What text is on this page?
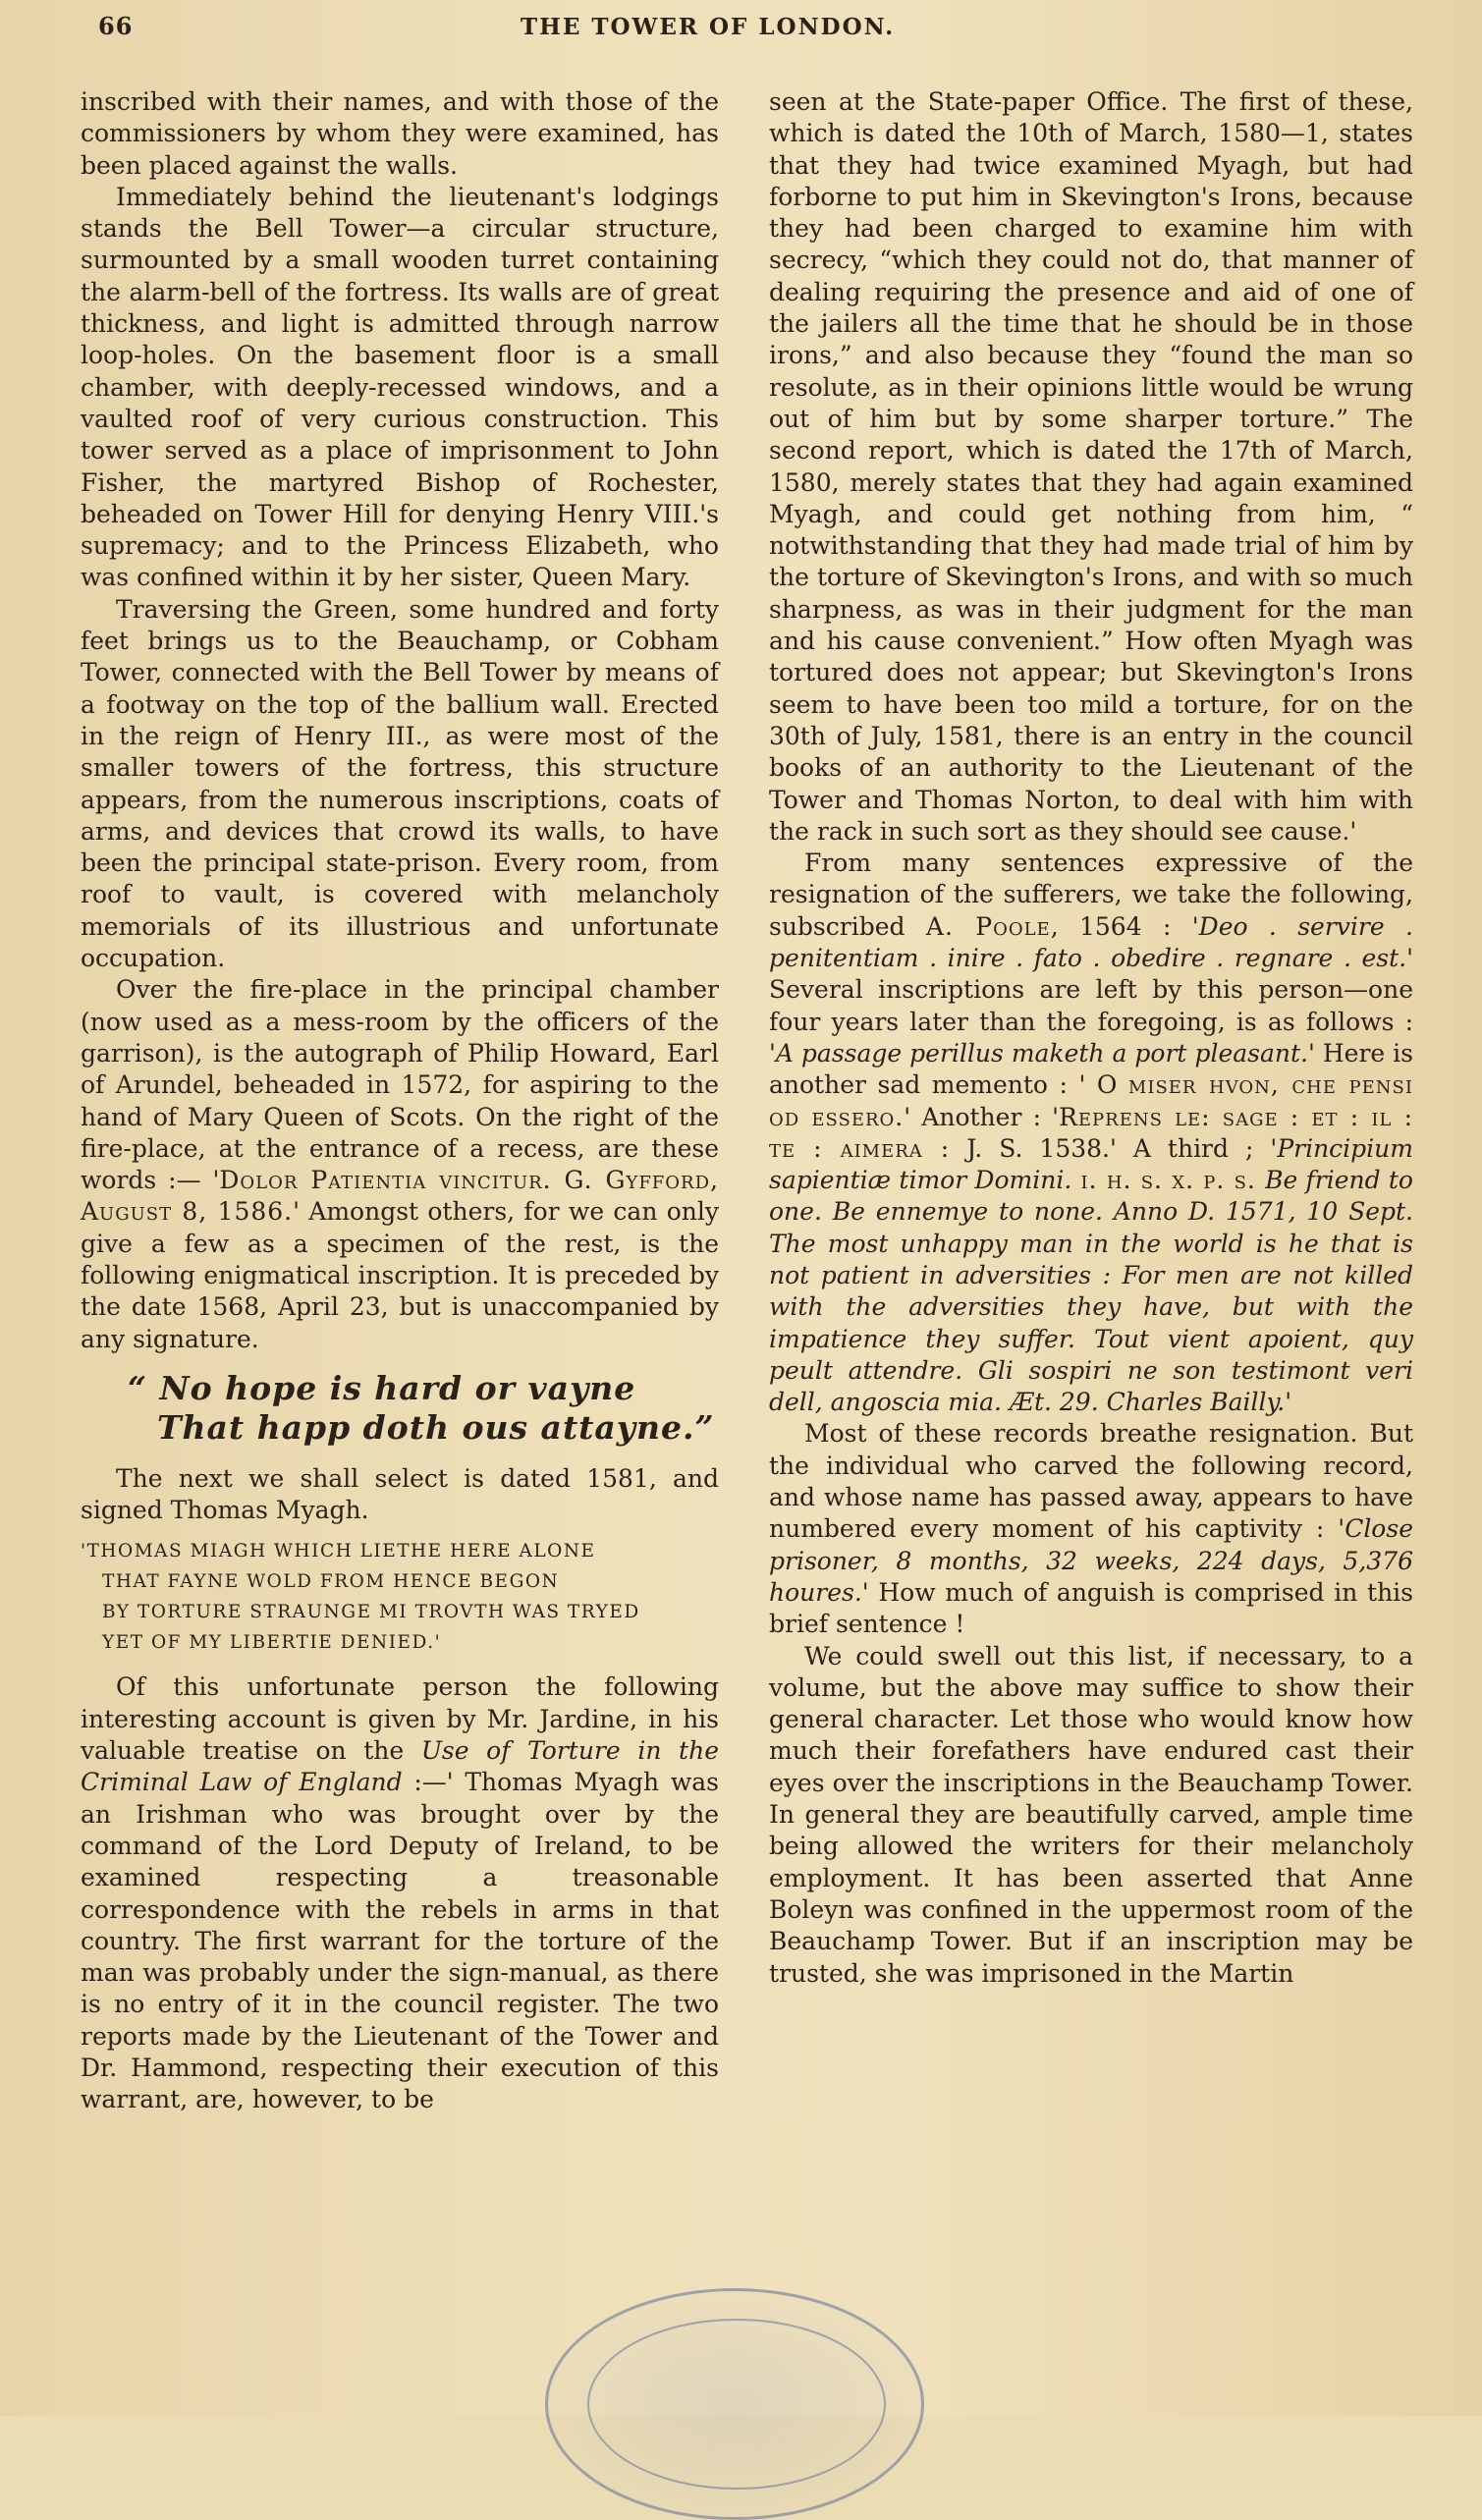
66	THE TOWER OF LONDON.

inscribed with their names, and with those of the commissioners by whom they were examined, has been placed against the walls.

Immediately behind the lieutenant's lodgings stands the Bell Tower—a circular structure, surmounted by a small wooden turret containing the alarm-bell of the fortress. Its walls are of great thickness, and light is admitted through narrow loop-holes. On the basement floor is a small chamber, with deeply-recessed windows, and a vaulted roof of very curious construction. This tower served as a place of imprisonment to John Fisher, the martyred Bishop of Rochester, beheaded on Tower Hill for denying Henry VIII.'s supremacy; and to the Princess Elizabeth, who was confined within it by her sister, Queen Mary.

Traversing the Green, some hundred and forty feet brings us to the Beauchamp, or Cobham Tower, connected with the Bell Tower by means of a footway on the top of the ballium wall. Erected in the reign of Henry III., as were most of the smaller towers of the fortress, this structure appears, from the numerous inscriptions, coats of arms, and devices that crowd its walls, to have been the principal state-prison. Every room, from roof to vault, is covered with melancholy memorials of its illustrious and unfortunate occupation.

Over the fire-place in the principal chamber (now used as a mess-room by the officers of the garrison), is the autograph of Philip Howard, Earl of Arundel, beheaded in 1572, for aspiring to the hand of Mary Queen of Scots. On the right of the fire-place, at the entrance of a recess, are these words :— 'Dolor Patientia vincitur. G. Gyfford, August 8, 1586.' Amongst others, for we can only give a few as a specimen of the rest, is the following enigmatical inscription. It is preceded by the date 1568, April 23, but is unaccompanied by any signature.

“ No hope is hard or vayne
That happ doth ous attayne.”

The next we shall select is dated 1581, and signed Thomas Myagh.

'THOMAS MIAGH WHICH LIETHE HERE ALONE
THAT FAYNE WOLD FROM HENCE BEGON
BY TORTURE STRAUNGE MI TROVTH WAS TRYED
YET OF MY LIBERTIE DENIED.'

Of this unfortunate person the following interesting account is given by Mr. Jardine, in his valuable treatise on the Use of Torture in the Criminal Law of England :—' Thomas Myagh was an Irishman who was brought over by the command of the Lord Deputy of Ireland, to be examined respecting a treasonable correspondence with the rebels in arms in that country. The first warrant for the torture of the man was probably under the sign-manual, as there is no entry of it in the council register. The two reports made by the Lieutenant of the Tower and Dr. Hammond, respecting their execution of this warrant, are, however, to be

seen at the State-paper Office. The first of these, which is dated the 10th of March, 1580—1, states that they had twice examined Myagh, but had forborne to put him in Skevington's Irons, because they had been charged to examine him with secrecy, “which they could not do, that manner of dealing requiring the presence and aid of one of the jailers all the time that he should be in those irons,” and also because they “found the man so resolute, as in their opinions little would be wrung out of him but by some sharper torture.” The second report, which is dated the 17th of March, 1580, merely states that they had again examined Myagh, and could get nothing from him, “ notwithstanding that they had made trial of him by the torture of Skevington's Irons, and with so much sharpness, as was in their judgment for the man and his cause convenient.” How often Myagh was tortured does not appear; but Skevington's Irons seem to have been too mild a torture, for on the 30th of July, 1581, there is an entry in the council books of an authority to the Lieutenant of the Tower and Thomas Norton, to deal with him with the rack in such sort as they should see cause.'

From many sentences expressive of the resignation of the sufferers, we take the following, subscribed A. Poole, 1564 : 'Deo . servire . penitentiam . inire . fato . obedire . regnare . est.' Several inscriptions are left by this person—one four years later than the foregoing, is as follows : 'A passage perillus maketh a port pleasant.' Here is another sad memento : ' O miser hvon, che pensi od essero.' Another : 'Reprens le: sage : et : il : te : aimera : J. S. 1538.' A third ; 'Principium sapientiæ timor Domini. i. h. s. x. p. s. Be friend to one. Be ennemye to none. Anno D. 1571, 10 Sept. The most unhappy man in the world is he that is not patient in adversities : For men are not killed with the adversities they have, but with the impatience they suffer. Tout vient apoient, quy peult attendre. Gli sospiri ne son testimont veri dell, angoscia mia. Æt. 29. Charles Bailly.'

Most of these records breathe resignation. But the individual who carved the following record, and whose name has passed away, appears to have numbered every moment of his captivity : 'Close prisoner, 8 months, 32 weeks, 224 days, 5,376 houres.' How much of anguish is comprised in this brief sentence !

We could swell out this list, if necessary, to a volume, but the above may suffice to show their general character. Let those who would know how much their forefathers have endured cast their eyes over the inscriptions in the Beauchamp Tower. In general they are beautifully carved, ample time being allowed the writers for their melancholy employment. It has been asserted that Anne Boleyn was confined in the uppermost room of the Beauchamp Tower. But if an inscription may be trusted, she was imprisoned in the Martin
